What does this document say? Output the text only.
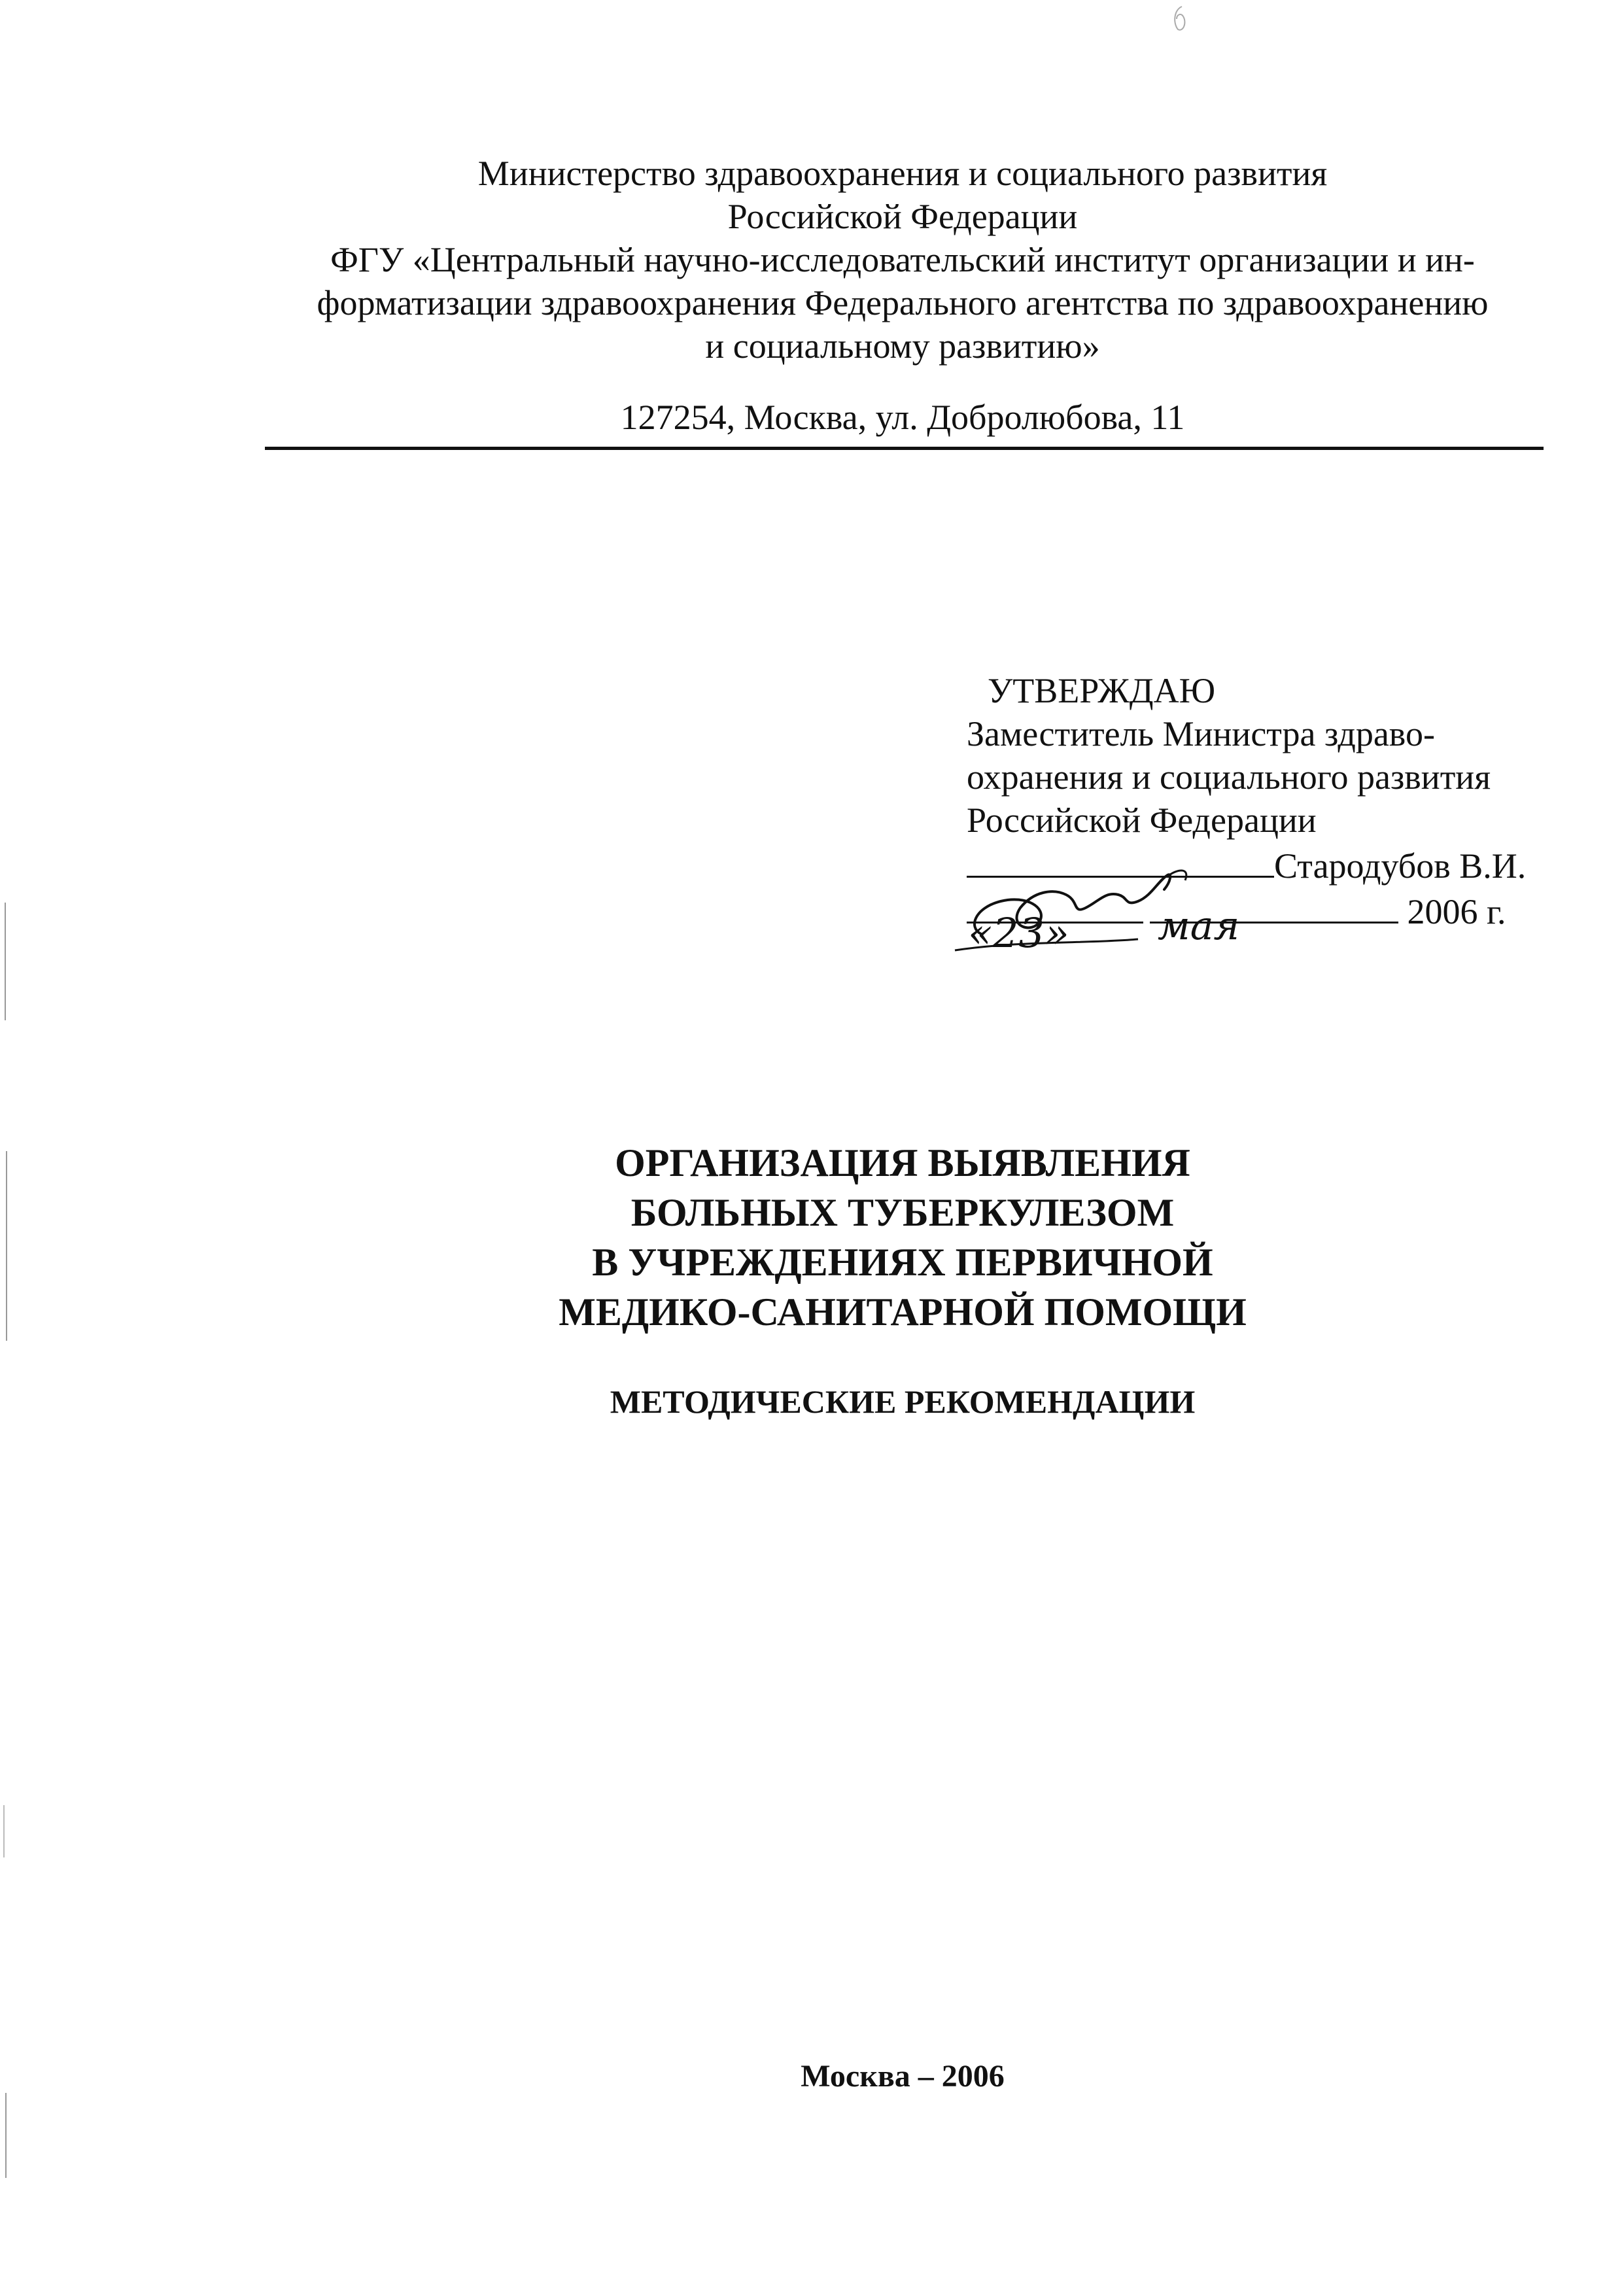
Министерство здравоохранения и социального развития
Российской Федерации
ФГУ «Центральный научно-исследовательский институт организации и ин-
форматизации здравоохранения Федерального агентства по здравоохранению
и социальному развитию»
127254, Москва, ул. Добролюбова, 11
УТВЕРЖДАЮ
Заместитель Министра здраво-
охранения и социального развития
Российской Федерации
Стародубов В.И.
2006 г.
«23» мая
ОРГАНИЗАЦИЯ ВЫЯВЛЕНИЯ
БОЛЬНЫХ ТУБЕРКУЛЕЗОМ
В УЧРЕЖДЕНИЯХ ПЕРВИЧНОЙ
МЕДИКО-САНИТАРНОЙ ПОМОЩИ
МЕТОДИЧЕСКИЕ РЕКОМЕНДАЦИИ
Москва – 2006
